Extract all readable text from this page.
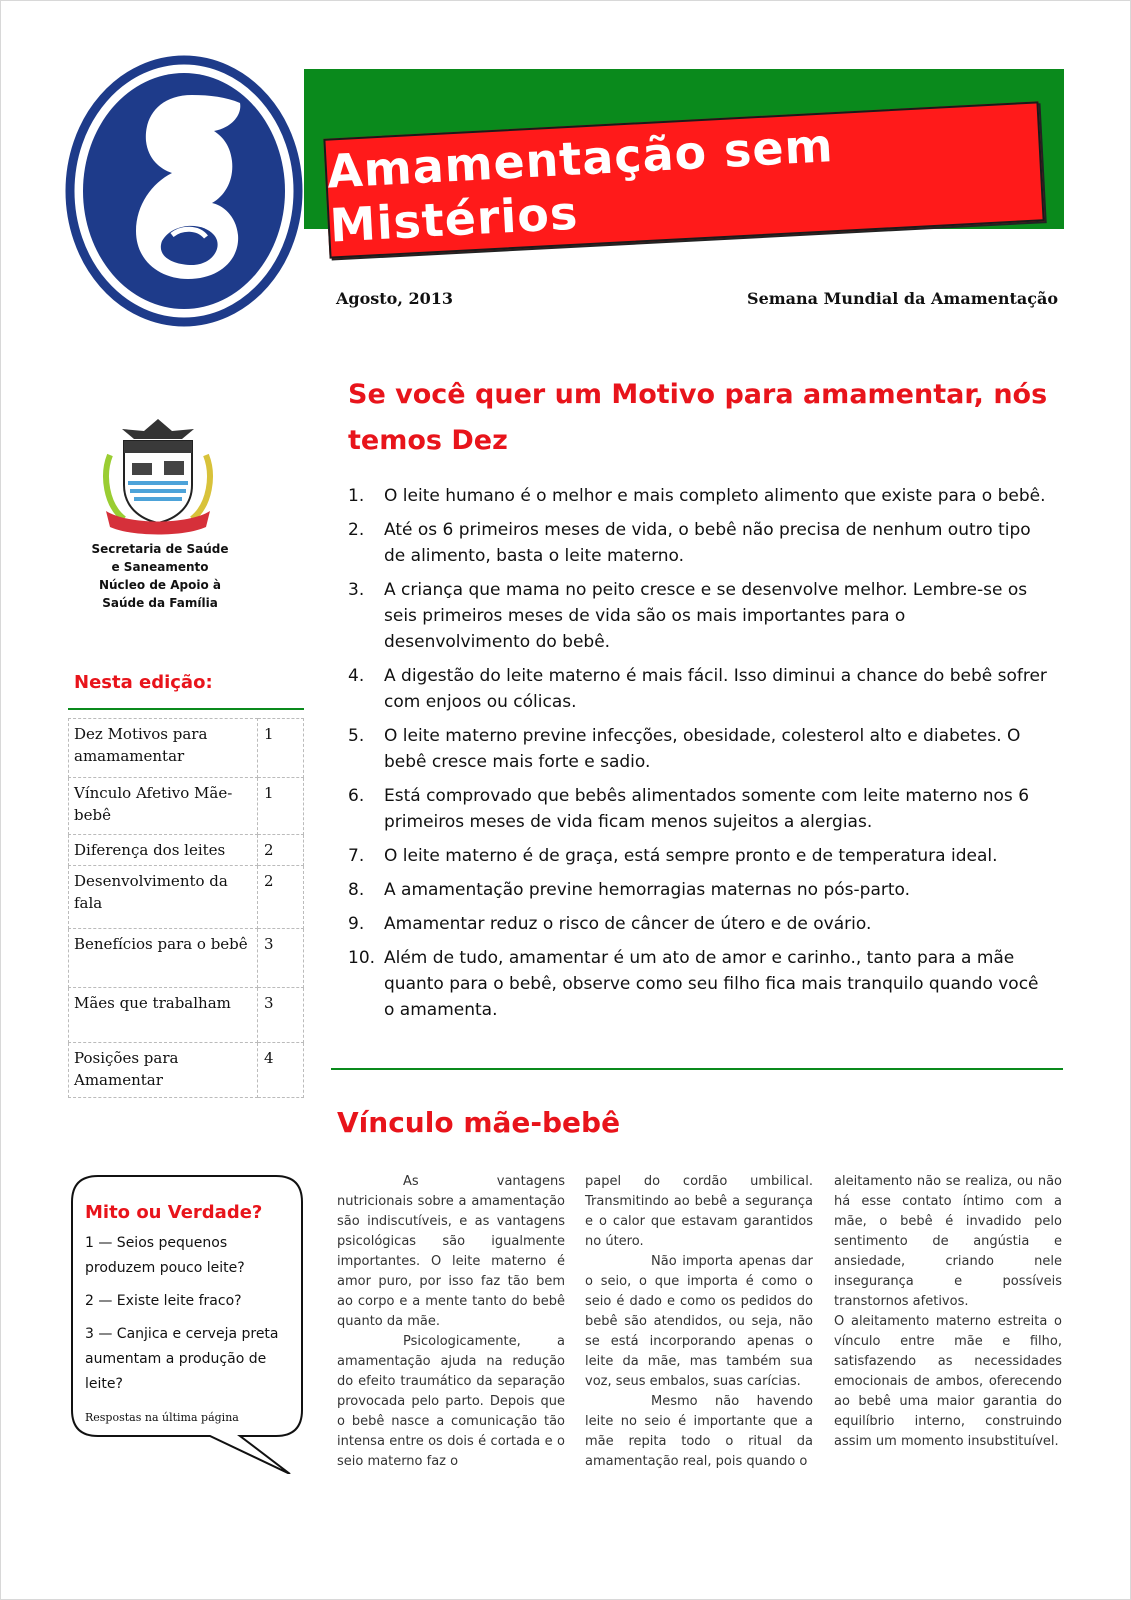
Amamentação sem Mistérios
Agosto, 2013	Semana Mundial da Amamentação
Secretaria de Saúde
e Saneamento
Núcleo de Apoio à
Saúde da Família
Nesta edição:
Dez Motivos para amamamentar	1
Vínculo Afetivo Mãe-bebê	1
Diferença dos leites	2
Desenvolvimento da fala	2
Benefícios para o bebê	3
Mães que trabalham	3
Posições para Amamentar	4
Mito ou Verdade?
1 — Seios pequenos produzem pouco leite?
2 — Existe leite fraco?
3 — Canjica e cerveja preta aumentam a produção de leite?
Respostas na última página
Se você quer um Motivo para amamentar, nós temos Dez
1.	O leite humano é o melhor e mais completo alimento que existe para o bebê.
2.	Até os 6 primeiros meses de vida, o bebê não precisa de nenhum outro tipo de alimento, basta o leite materno.
3.	A criança que mama no peito cresce e se desenvolve melhor. Lembre-se os seis primeiros meses de vida são os mais importantes para o desenvolvimento do bebê.
4.	A digestão do leite materno é mais fácil. Isso diminui a chance do bebê sofrer com enjoos ou cólicas.
5.	O leite materno previne infecções, obesidade, colesterol alto e diabetes. O bebê cresce mais forte e sadio.
6.	Está comprovado que bebês alimentados somente com leite materno nos 6 primeiros meses de vida ficam menos sujeitos a alergias.
7.	O leite materno é de graça, está sempre pronto e de temperatura ideal.
8.	A amamentação previne hemorragias maternas no pós-parto.
9.	Amamentar reduz o risco de câncer de útero e de ovário.
10. Além de tudo, amamentar é um ato de amor e carinho., tanto para a mãe quanto para o bebê, observe como seu filho fica mais tranquilo quando você o amamenta.
Vínculo mãe-bebê

As vantagens nutricionais sobre a amamentação são indiscutíveis, e as vantagens psicológicas são igualmente importantes. O leite materno é amor puro, por isso faz tão bem ao corpo e a mente tanto do bebê quanto da mãe.

Psicologicamente, a amamentação ajuda na redução do efeito traumático da separação provocada pelo parto. Depois que o bebê nasce a comunicação tão intensa entre os dois é cortada e o seio materno faz o

papel do cordão umbilical. Transmitindo ao bebê a segurança e o calor que estavam garantidos no útero.

Não importa apenas dar o seio, o que importa é como o seio é dado e como os pedidos do bebê são atendidos, ou seja, não se está incorporando apenas o leite da mãe, mas também sua voz, seus embalos, suas carícias.

Mesmo não havendo leite no seio é importante que a mãe repita todo o ritual da amamentação real, pois quando o

aleitamento não se realiza, ou não há esse contato íntimo com a mãe, o bebê é invadido pelo sentimento de angústia e ansiedade, criando nele insegurança e possíveis transtornos afetivos.

O aleitamento materno estreita o vínculo entre mãe e filho, satisfazendo as necessidades emocionais de ambos, oferecendo ao bebê uma maior garantia do equilíbrio interno, construindo assim um momento insubstituível.
